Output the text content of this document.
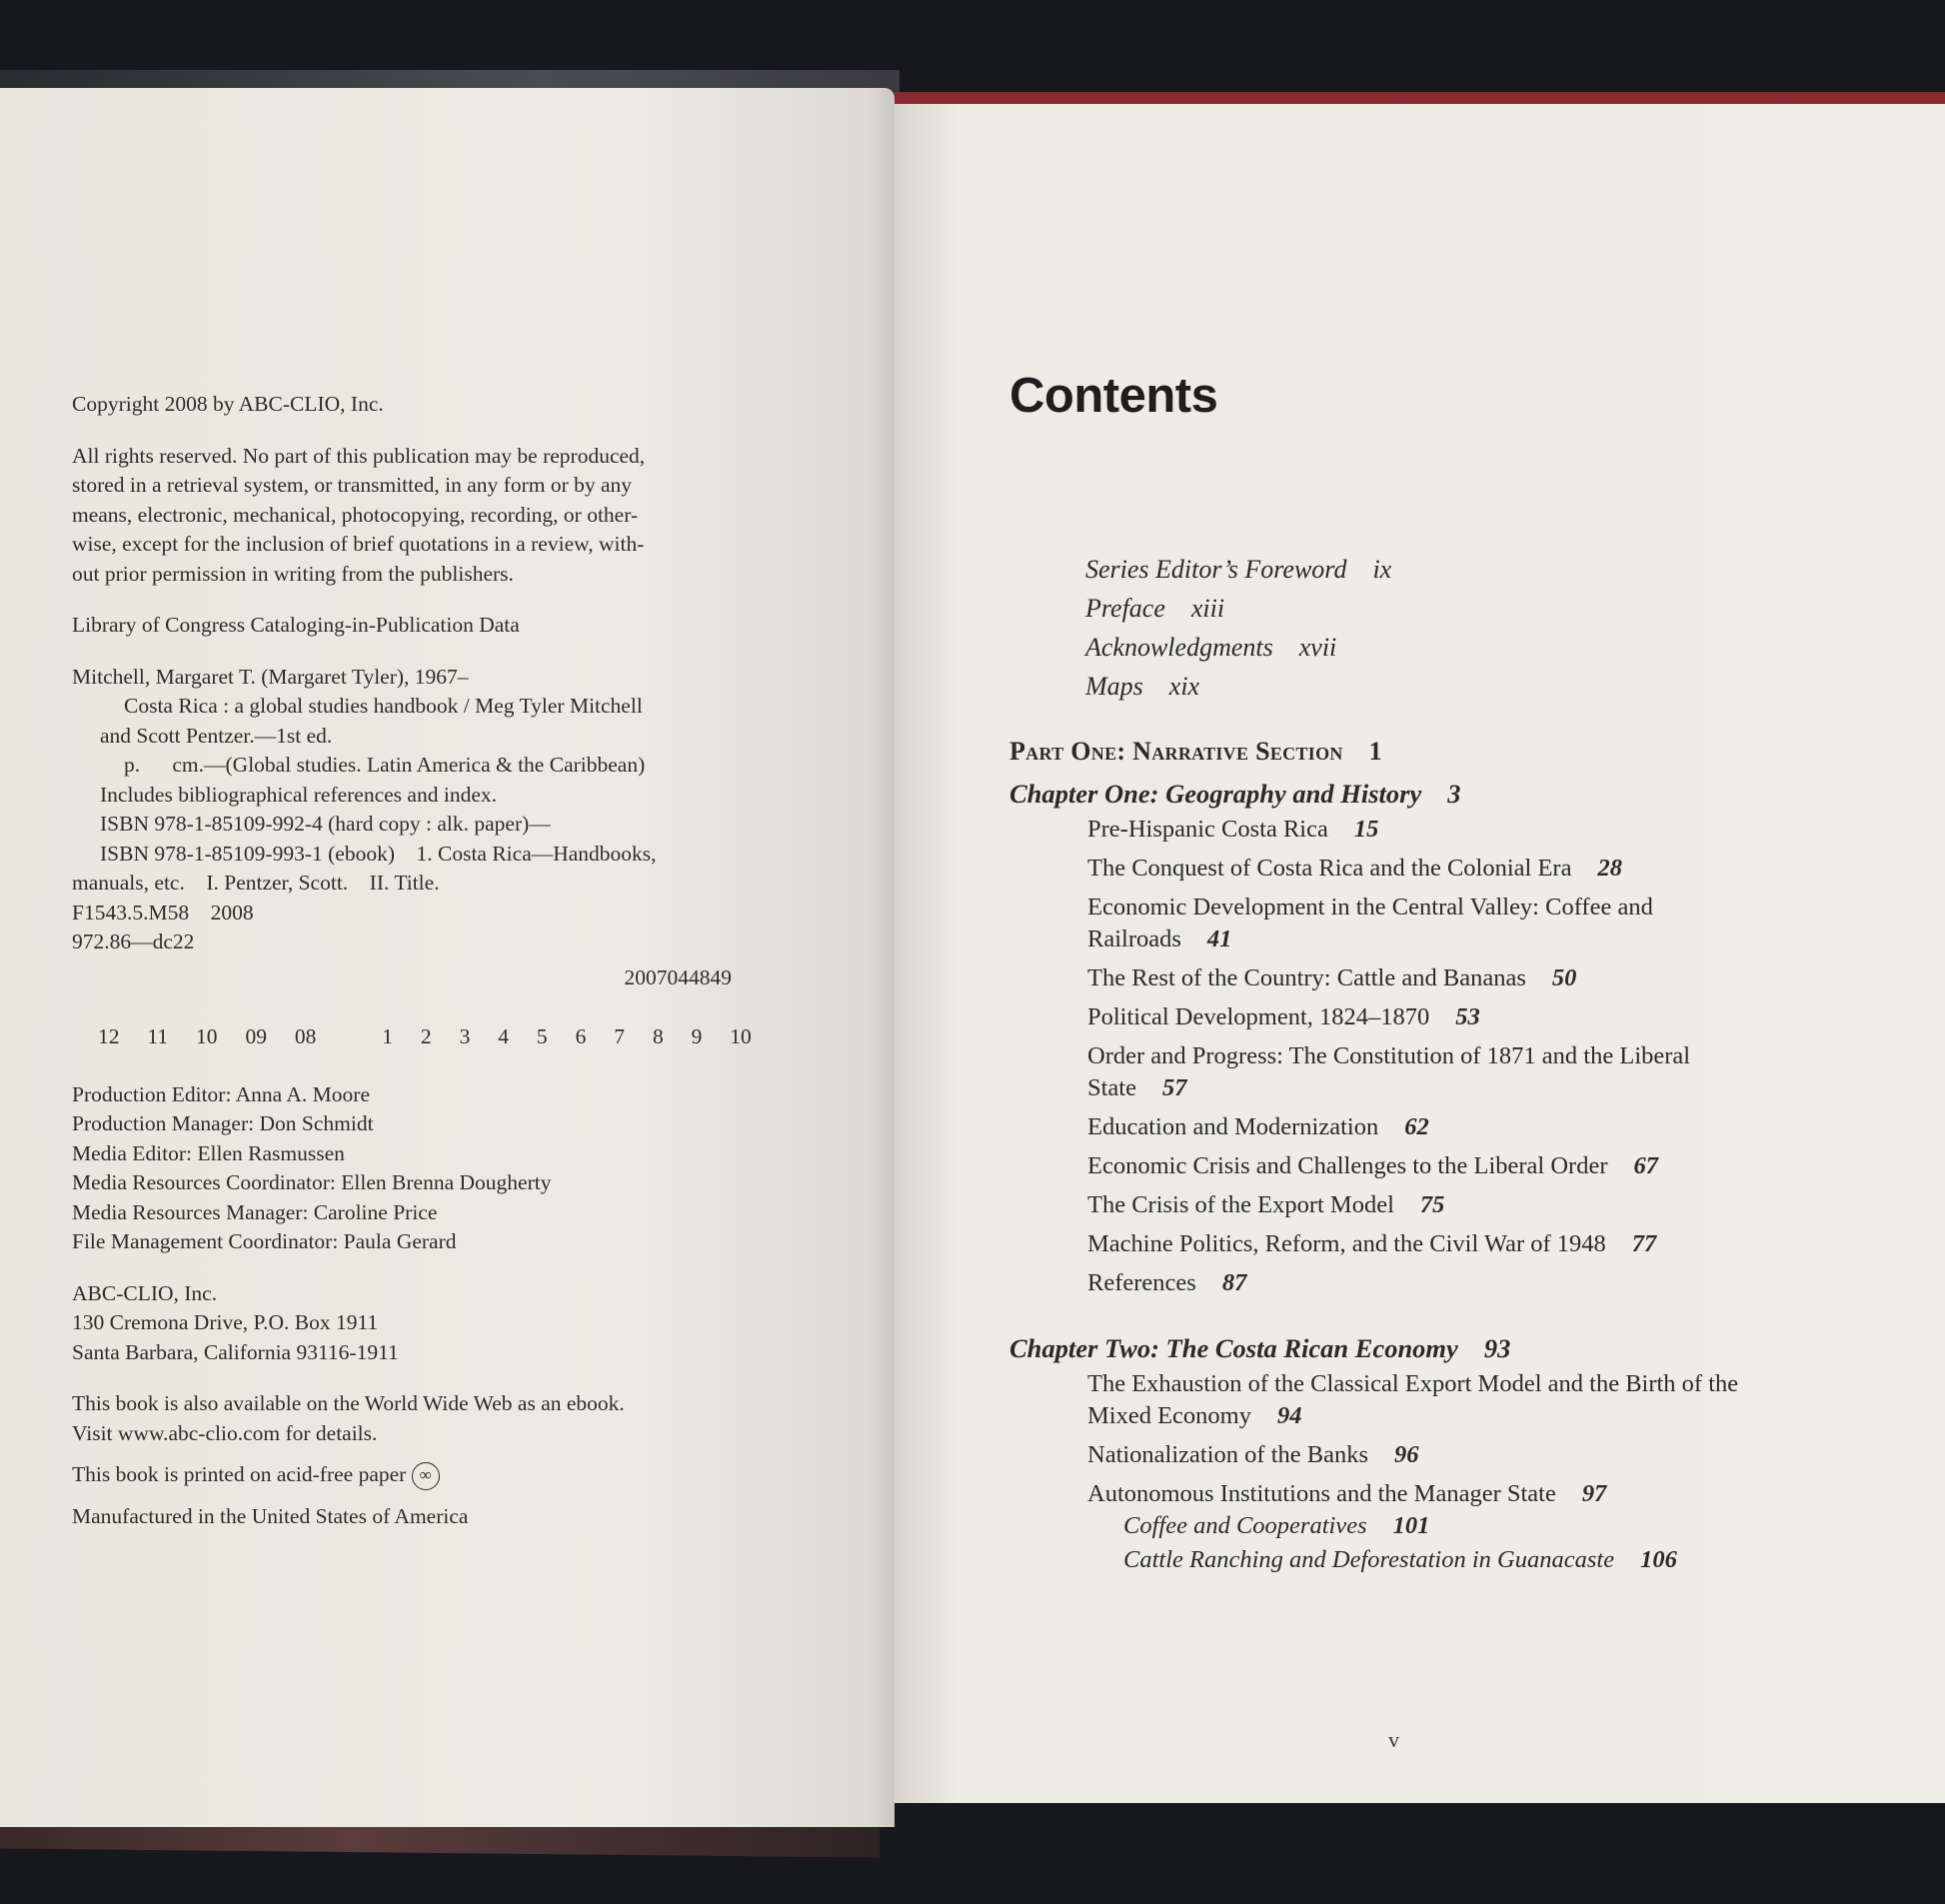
Copyright 2008 by ABC-CLIO, Inc.

All rights reserved. No part of this publication may be reproduced,

stored in a retrieval system, or transmitted, in any form or by any

means, electronic, mechanical, photocopying, recording, or other-

wise, except for the inclusion of brief quotations in a review, with-

out prior permission in writing from the publishers.

Library of Congress Cataloging-in-Publication Data

Mitchell, Margaret T. (Margaret Tyler), 1967–

Costa Rica : a global studies handbook / Meg Tyler Mitchell

and Scott Pentzer.—1st ed.

p.      cm.—(Global studies. Latin America & the Caribbean)

Includes bibliographical references and index.

ISBN 978-1-85109-992-4 (hard copy : alk. paper)—

ISBN 978-1-85109-993-1 (ebook)    1. Costa Rica—Handbooks,

manuals, etc.    I. Pentzer, Scott.    II. Title.

F1543.5.M58    2008

972.86—dc22

2007044849

12 11 10 09 08	1 2 3 4 5 6 7 8 9 10

Production Editor: Anna A. Moore

Production Manager: Don Schmidt

Media Editor: Ellen Rasmussen

Media Resources Coordinator: Ellen Brenna Dougherty

Media Resources Manager: Caroline Price

File Management Coordinator: Paula Gerard

ABC-CLIO, Inc.

130 Cremona Drive, P.O. Box 1911

Santa Barbara, California 93116-1911

This book is also available on the World Wide Web as an ebook.

Visit www.abc-clio.com for details.

This book is printed on acid-free paper ∞

Manufactured in the United States of America

Contents
Series Editor’s Foreword ix
Preface xiii
Acknowledgments xvii
Maps xix
Part One: Narrative Section 1
Chapter One: Geography and History 3
Pre-Hispanic Costa Rica 15
The Conquest of Costa Rica and the Colonial Era 28
Economic Development in the Central Valley: Coffee and Railroads 41
The Rest of the Country: Cattle and Bananas 50
Political Development, 1824–1870 53
Order and Progress: The Constitution of 1871 and the Liberal State 57
Education and Modernization 62
Economic Crisis and Challenges to the Liberal Order 67
The Crisis of the Export Model 75
Machine Politics, Reform, and the Civil War of 1948 77
References 87
Chapter Two: The Costa Rican Economy 93
The Exhaustion of the Classical Export Model and the Birth of the Mixed Economy 94
Nationalization of the Banks 96
Autonomous Institutions and the Manager State 97
Coffee and Cooperatives 101
Cattle Ranching and Deforestation in Guanacaste 106
v
